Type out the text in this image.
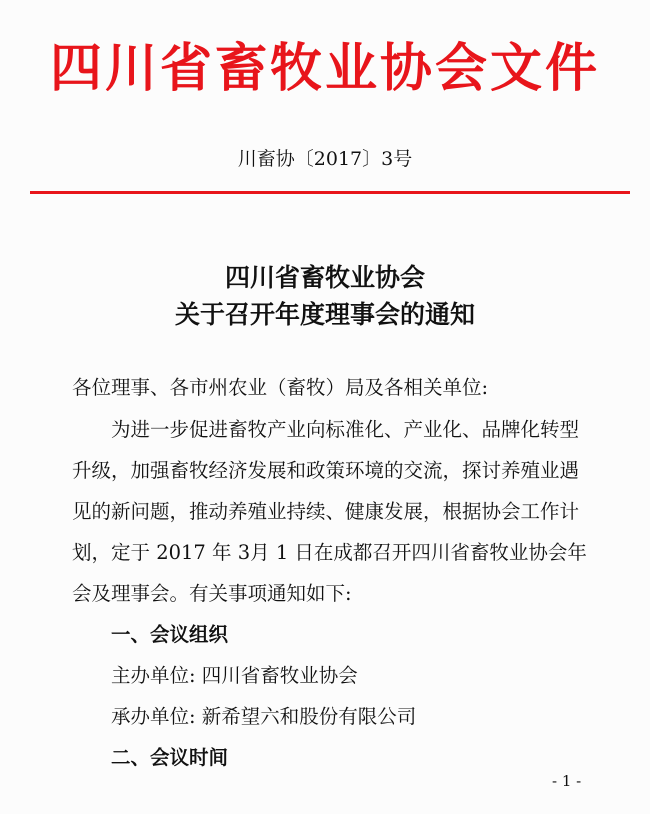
四川省畜牧业协会文件
川畜协〔2017〕3号
四川省畜牧业协会
关于召开年度理事会的通知
各位理事、各市州农业（畜牧）局及各相关单位:
　　为进一步促进畜牧产业向标准化、产业化、品牌化转型
升级，加强畜牧经济发展和政策环境的交流，探讨养殖业遇
见的新问题，推动养殖业持续、健康发展，根据协会工作计
划，定于 2017 年 3月 1 日在成都召开四川省畜牧业协会年
会及理事会。有关事项通知如下:
　　一、会议组织
　　主办单位: 四川省畜牧业协会
　　承办单位: 新希望六和股份有限公司
　　二、会议时间
- 1 -
